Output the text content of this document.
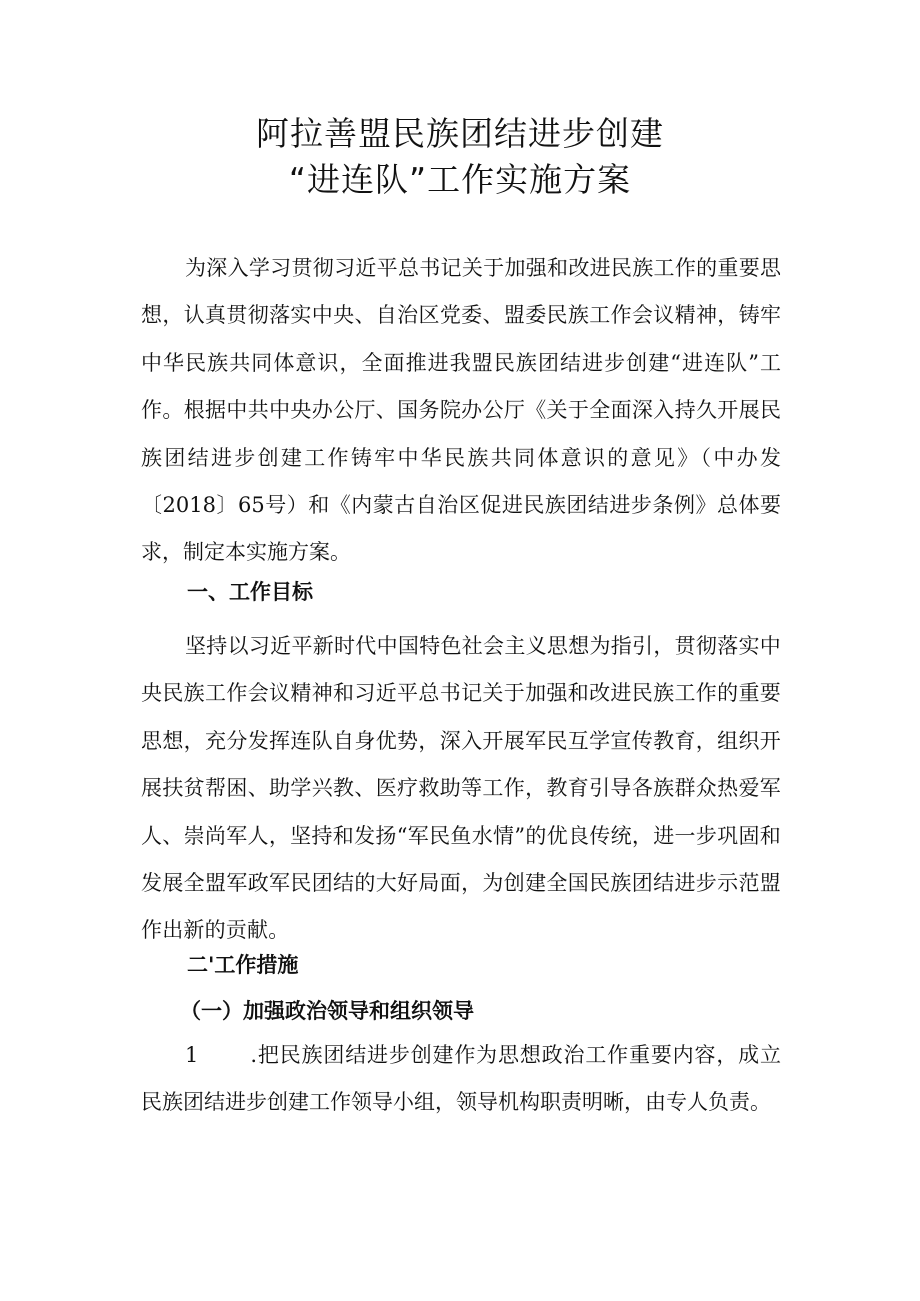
阿拉善盟民族团结进步创建
“进连队”工作实施方案

为深入学习贯彻习近平总书记关于加强和改进民族工作的重要思想，认真贯彻落实中央、自治区党委、盟委民族工作会议精神，铸牢中华民族共同体意识，全面推进我盟民族团结进步创建“进连队”工作。根据中共中央办公厅、国务院办公厅《关于全面深入持久开展民族团结进步创建工作铸牢中华民族共同体意识的意见》（中办发〔2018〕65号）和《内蒙古自治区促进民族团结进步条例》总体要求，制定本实施方案。

一、工作目标

坚持以习近平新时代中国特色社会主义思想为指引，贯彻落实中央民族工作会议精神和习近平总书记关于加强和改进民族工作的重要思想，充分发挥连队自身优势，深入开展军民互学宣传教育，组织开展扶贫帮困、助学兴教、医疗救助等工作，教育引导各族群众热爱军人、崇尚军人，坚持和发扬“军民鱼水情”的优良传统，进一步巩固和发展全盟军政军民团结的大好局面，为创建全国民族团结进步示范盟作出新的贡献。

二'工作措施
（一）加强政治领导和组织领导

1 .把民族团结进步创建作为思想政治工作重要内容，成立民族团结进步创建工作领导小组，领导机构职责明晰，由专人负责。
